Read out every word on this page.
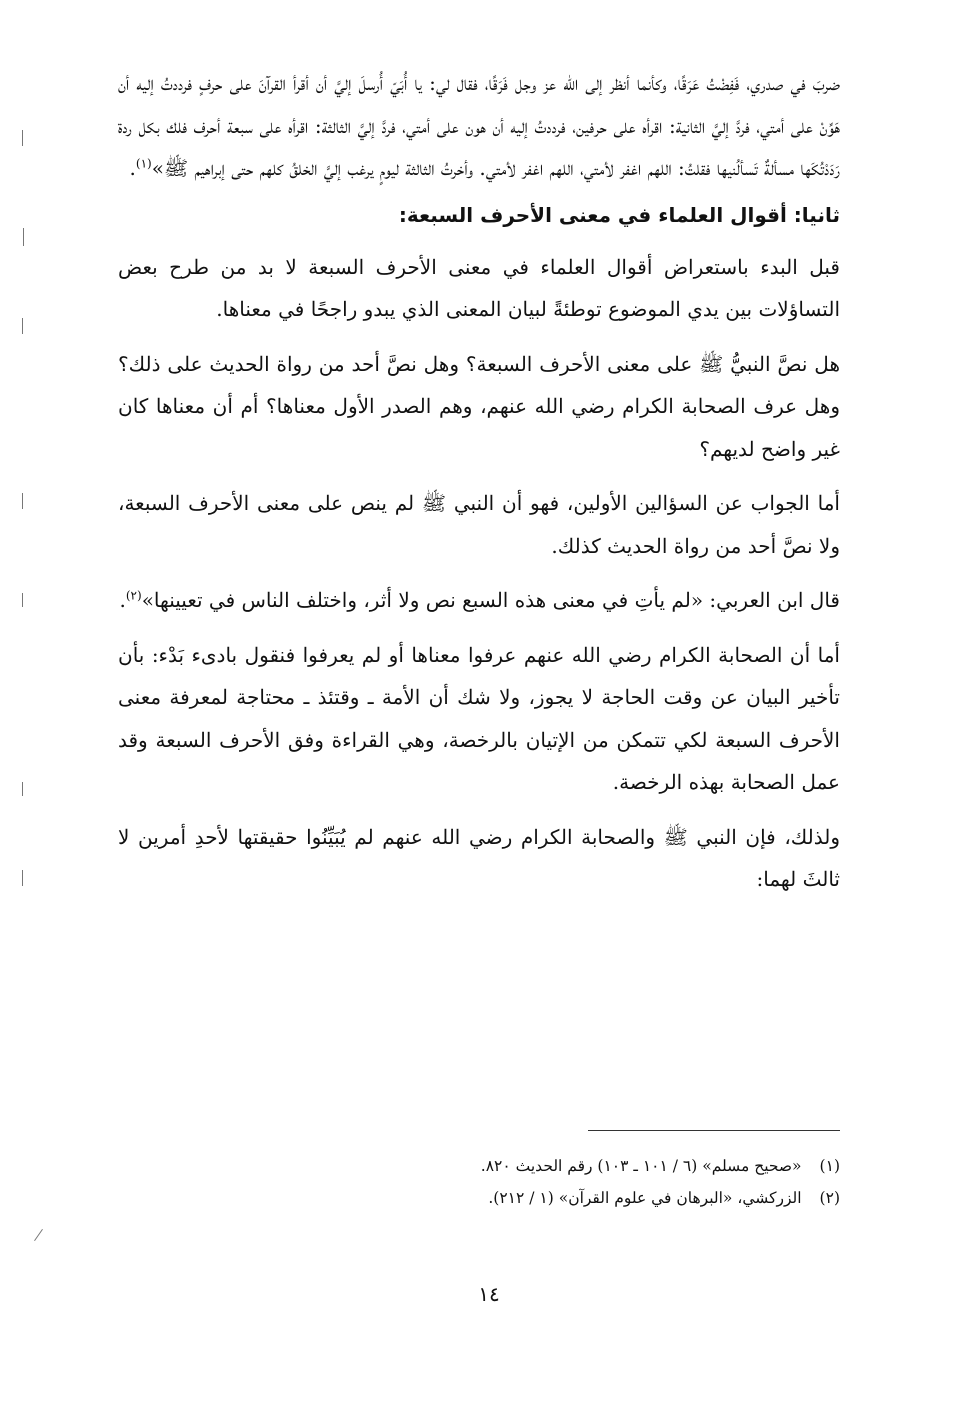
ضربَ في صدري، فَفِضْتُ عَرَقًا، وكأنما أنظر إلى الله عز وجل فَرَقًا، فقال لي: يا أُبَيّ أُرسلَ إليَّ أن أقرأ القرآنَ على حرفٍ فرددتُ إليه أن هَوِّنْ على أمتي، فردَّ إليَّ الثانية: اقرأه على حرفين، فرددتُ إليه أن هون على أمتي، فردَّ إليَّ الثالثة: اقرأه على سبعة أحرف فلك بكل ردة رَدَدْتُكَها مسألةٌ تَسألُنيها فقلتُ: اللهم اغفر لأمتي، اللهم اغفر لأمتي. وأخرتُ الثالثة ليومٍ يرغب إليَّ الخلقُ كلهم حتى إبراهيم ﷺ»$^{(١)}$.

ثانيا: أقوال العلماء في معنى الأحرف السبعة:

قبل البدء باستعراض أقوال العلماء في معنى الأحرف السبعة لا بد من طرح بعض التساؤلات بين يدي الموضوع توطئةً لبيان المعنى الذي يبدو راجحًا في معناها.

هل نصَّ النبيُّ ﷺ على معنى الأحرف السبعة؟ وهل نصَّ أحد من رواة الحديث على ذلك؟ وهل عرف الصحابة الكرام رضي الله عنهم، وهم الصدر الأول معناها؟ أم أن معناها كان غير واضح لديهم؟

أما الجواب عن السؤالين الأولين، فهو أن النبي ﷺ لم ينص على معنى الأحرف السبعة، ولا نصَّ أحد من رواة الحديث كذلك.

قال ابن العربي: «لم يأتِ في معنى هذه السبع نص ولا أثر، واختلف الناس في تعيينها»$^{(٢)}$.

أما أن الصحابة الكرام رضي الله عنهم عرفوا معناها أو لم يعرفوا فنقول بادىء بَدْء: بأن تأخير البيان عن وقت الحاجة لا يجوز، ولا شك أن الأمة ـ وقتئذ ـ محتاجة لمعرفة معنى الأحرف السبعة لكي تتمكن من الإتيان بالرخصة، وهي القراءة وفق الأحرف السبعة وقد عمل الصحابة بهذه الرخصة.

ولذلك، فإن النبي ﷺ والصحابة الكرام رضي الله عنهم لم يُبَيِّنُوا حقيقتها لأحدِ أمرين لا ثالثَ لهما:

(١)
«صحيح مسلم» (٦ / ١٠١ ـ ١٠٣) رقم الحديث ٨٢٠.
(٢)
الزركشي، «البرهان في علوم القرآن» (١ / ٢١٢).
١٤
